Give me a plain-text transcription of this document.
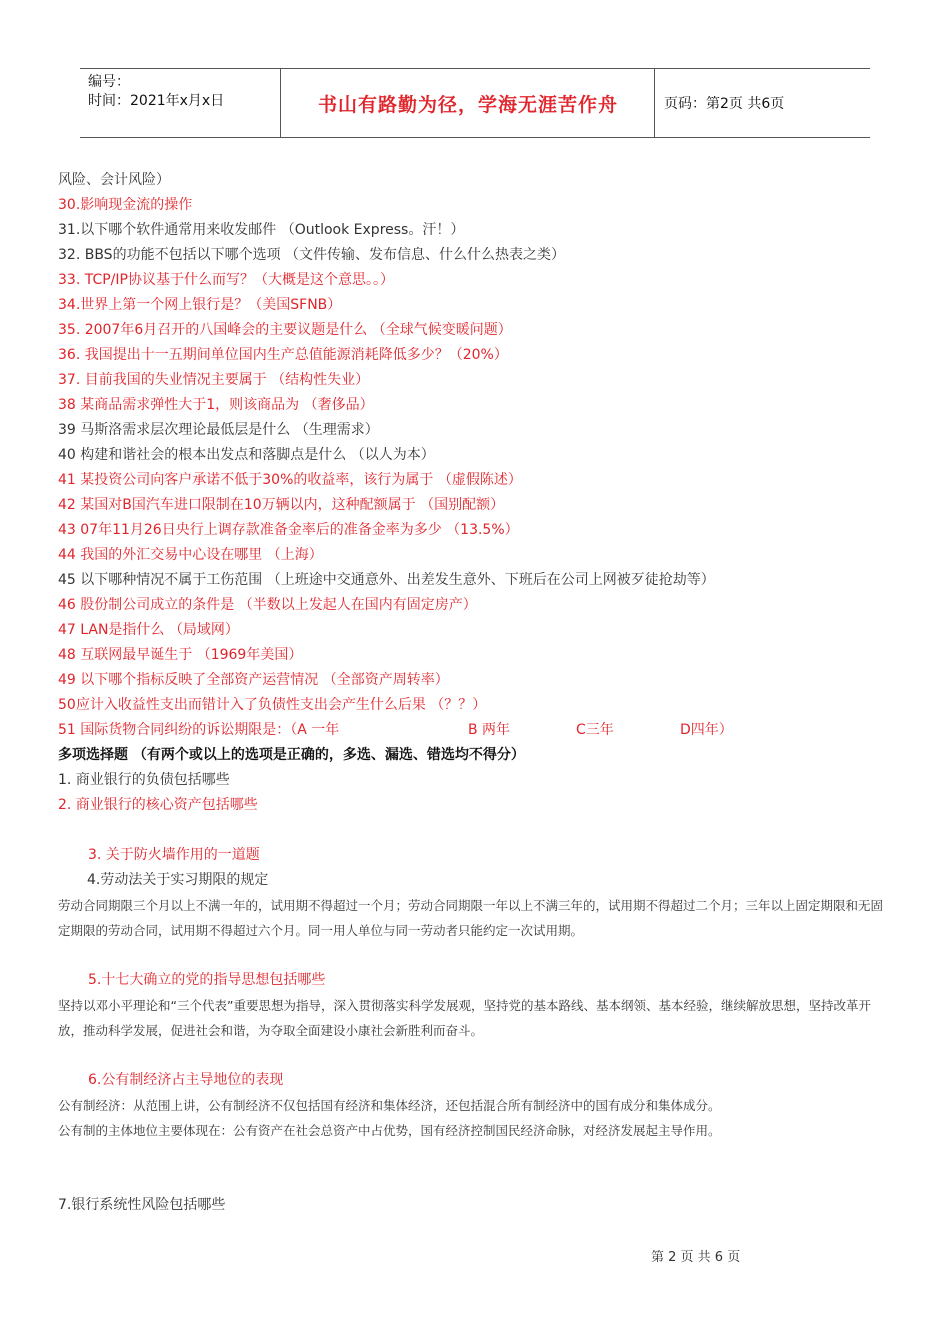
编号：
时间：2021年x月x日	书山有路勤为径，学海无涯苦作舟	页码：第2页 共6页
风险、会计风险）
30.影响现金流的操作
31.以下哪个软件通常用来收发邮件 （Outlook Express。汗！）
32. BBS的功能不包括以下哪个选项 （文件传输、发布信息、什么什么热表之类）
33. TCP/IP协议基于什么而写？（大概是这个意思。。）
34.世界上第一个网上银行是？（美国SFNB）
35. 2007年6月召开的八国峰会的主要议题是什么 （全球气候变暖问题）
36. 我国提出十一五期间单位国内生产总值能源消耗降低多少？（20%）
37. 目前我国的失业情况主要属于 （结构性失业）
38 某商品需求弹性大于1，则该商品为 （奢侈品）
39 马斯洛需求层次理论最低层是什么 （生理需求）
40 构建和谐社会的根本出发点和落脚点是什么 （以人为本）
41 某投资公司向客户承诺不低于30%的收益率，该行为属于 （虚假陈述）
42 某国对B国汽车进口限制在10万辆以内，这种配额属于 （国别配额）
43 07年11月26日央行上调存款准备金率后的准备金率为多少 （13.5%）
44 我国的外汇交易中心设在哪里 （上海）
45 以下哪种情况不属于工伤范围 （上班途中交通意外、出差发生意外、下班后在公司上网被歹徒抢劫等）
46 股份制公司成立的条件是 （半数以上发起人在国内有固定房产）
47 LAN是指什么 （局域网）
48 互联网最早诞生于 （1969年美国）
49 以下哪个指标反映了全部资产运营情况 （全部资产周转率）
50应计入收益性支出而错计入了负债性支出会产生什么后果 （？？）
51 国际货物合同纠纷的诉讼期限是：（A 一年	B 两年	C三年	D四年）
多项选择题 （有两个或以上的选项是正确的，多选、漏选、错选均不得分）
1. 商业银行的负债包括哪些
2. 商业银行的核心资产包括哪些
3. 关于防火墙作用的一道题
4.劳动法关于实习期限的规定
劳动合同期限三个月以上不满一年的，试用期不得超过一个月；劳动合同期限一年以上不满三年的，试用期不得超过二个月；三年以上固定期限和无固定期限的劳动合同，试用期不得超过六个月。同一用人单位与同一劳动者只能约定一次试用期。
5.十七大确立的党的指导思想包括哪些
坚持以邓小平理论和“三个代表”重要思想为指导，深入贯彻落实科学发展观，坚持党的基本路线、基本纲领、基本经验，继续解放思想，坚持改革开放，推动科学发展，促进社会和谐，为夺取全面建设小康社会新胜利而奋斗。
6.公有制经济占主导地位的表现
公有制经济：从范围上讲，公有制经济不仅包括国有经济和集体经济，还包括混合所有制经济中的国有成分和集体成分。
公有制的主体地位主要体现在：公有资产在社会总资产中占优势，国有经济控制国民经济命脉，对经济发展起主导作用。
7.银行系统性风险包括哪些
第 2 页 共 6 页
